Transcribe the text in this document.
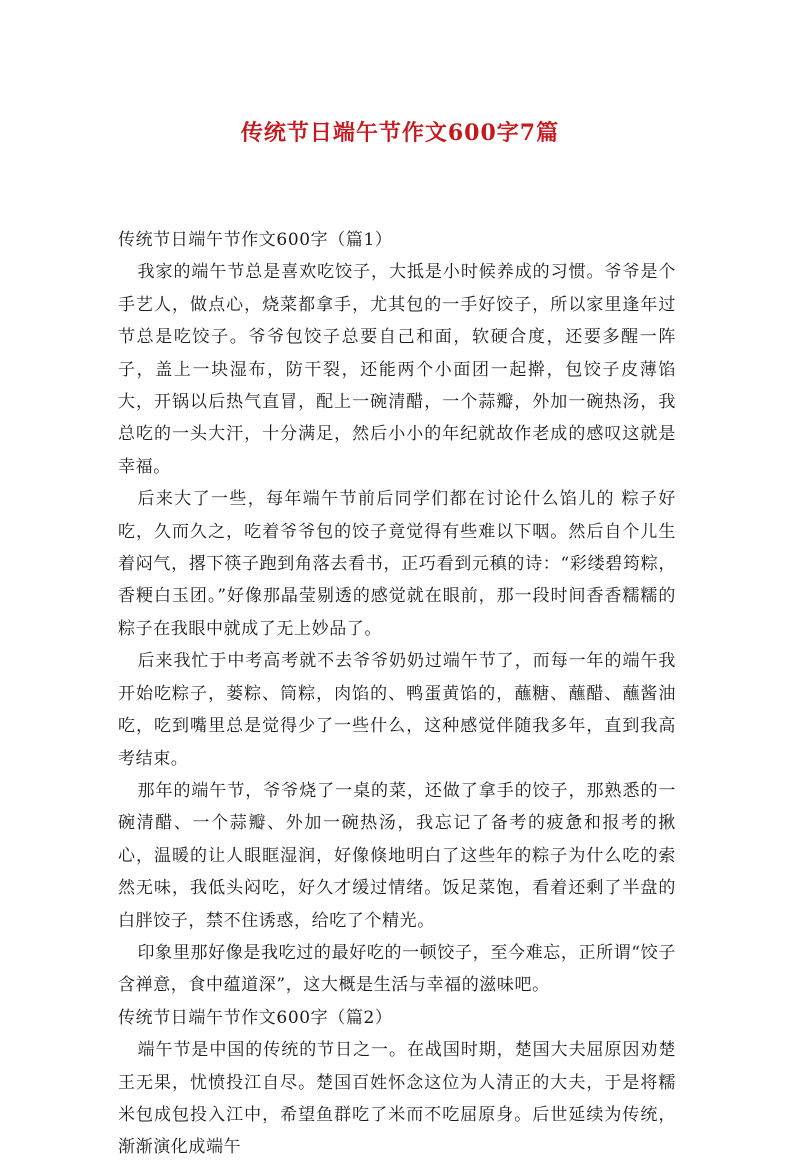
传统节日端午节作文600字7篇

传统节日端午节作文600字（篇1）

我家的端午节总是喜欢吃饺子，大抵是小时候养成的习惯。爷爷是个手艺人，做点心，烧菜都拿手，尤其包的一手好饺子，所以家里逢年过节总是吃饺子。爷爷包饺子总要自己和面，软硬合度，还要多醒一阵子，盖上一块湿布，防干裂，还能两个小面团一起擀，包饺子皮薄馅大，开锅以后热气直冒，配上一碗清醋，一个蒜瓣，外加一碗热汤，我总吃的一头大汗，十分满足，然后小小的年纪就故作老成的感叹这就是幸福。

后来大了一些，每年端午节前后同学们都在讨论什么馅儿的 粽子好吃，久而久之，吃着爷爷包的饺子竟觉得有些难以下咽。然后自个儿生着闷气，撂下筷子跑到角落去看书，正巧看到元稹的诗：“彩缕碧筠粽，香粳白玉团。”好像那晶莹剔透的感觉就在眼前，那一段时间香香糯糯的粽子在我眼中就成了无上妙品了。

后来我忙于中考高考就不去爷爷奶奶过端午节了，而每一年的端午我开始吃粽子，蒌粽、筒粽，肉馅的、鸭蛋黄馅的，蘸糖、蘸醋、蘸酱油吃，吃到嘴里总是觉得少了一些什么，这种感觉伴随我多年，直到我高考结束。

那年的端午节，爷爷烧了一桌的菜，还做了拿手的饺子，那熟悉的一碗清醋、一个蒜瓣、外加一碗热汤，我忘记了备考的疲惫和报考的揪心，温暖的让人眼眶湿润，好像倏地明白了这些年的粽子为什么吃的索然无味，我低头闷吃，好久才缓过情绪。饭足菜饱，看着还剩了半盘的白胖饺子，禁不住诱惑，给吃了个精光。

印象里那好像是我吃过的最好吃的一顿饺子，至今难忘，正所谓“饺子含禅意，食中蕴道深”，这大概是生活与幸福的滋味吧。

传统节日端午节作文600字（篇2）

端午节是中国的传统的节日之一。在战国时期，楚国大夫屈原因劝楚王无果，忧愤投江自尽。楚国百姓怀念这位为人清正的大夫，于是将糯米包成包投入江中，希望鱼群吃了米而不吃屈原身。后世延续为传统，渐渐演化成端午
